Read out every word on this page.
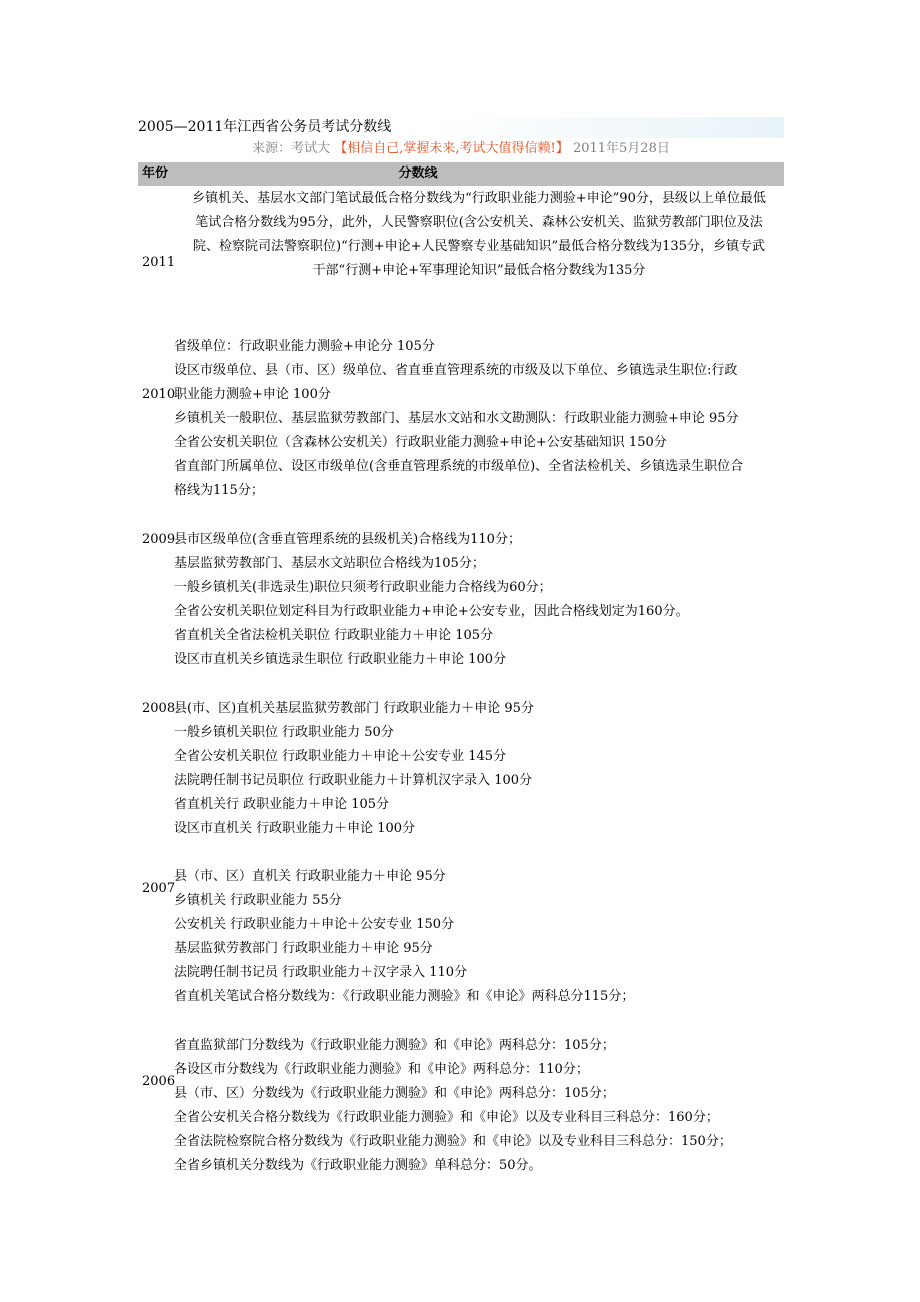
2005—2011年江西省公务员考试分数线
来源：考试大 【相信自己,掌握未来,考试大值得信赖!】 2011年5月28日
年份	分数线
2011

乡镇机关、基层水文部门笔试最低合格分数线为“行政职业能力测验+申论”90分，县级以上单位最低

笔试合格分数线为95分，此外，人民警察职位(含公安机关、森林公安机关、监狱劳教部门职位及法

院、检察院司法警察职位)“行测+申论+人民警察专业基础知识”最低合格分数线为135分，乡镇专武

干部“行测+申论+军事理论知识”最低合格分数线为135分

2010

省级单位：行政职业能力测验+申论分 105分

设区市级单位、县（市、区）级单位、省直垂直管理系统的市级及以下单位、乡镇选录生职位:行政

职业能力测验+申论 100分

乡镇机关一般职位、基层监狱劳教部门、基层水文站和水文勘测队：行政职业能力测验+申论 95分

全省公安机关职位（含森林公安机关）行政职业能力测验+申论+公安基础知识 150分

省直部门所属单位、设区市级单位(含垂直管理系统的市级单位)、全省法检机关、乡镇选录生职位合

格线为115分；

2009

县市区级单位(含垂直管理系统的县级机关)合格线为110分；

基层监狱劳教部门、基层水文站职位合格线为105分；

一般乡镇机关(非选录生)职位只须考行政职业能力合格线为60分；

全省公安机关职位划定科目为行政职业能力+申论+公安专业，因此合格线划定为160分。

省直机关全省法检机关职位 行政职业能力＋申论 105分

设区市直机关乡镇选录生职位 行政职业能力＋申论 100分

2008

县(市、区)直机关基层监狱劳教部门 行政职业能力＋申论 95分

一般乡镇机关职位 行政职业能力 50分

全省公安机关职位 行政职业能力＋申论＋公安专业 145分

法院聘任制书记员职位 行政职业能力＋计算机汉字录入 100分

省直机关行 政职业能力＋申论 105分

设区市直机关 行政职业能力＋申论 100分

2007

县（市、区）直机关 行政职业能力＋申论 95分

乡镇机关 行政职业能力 55分

公安机关 行政职业能力＋申论＋公安专业 150分

基层监狱劳教部门 行政职业能力＋申论 95分

法院聘任制书记员 行政职业能力＋汉字录入 110分

省直机关笔试合格分数线为：《行政职业能力测验》和《申论》两科总分115分；

2006

省直监狱部门分数线为《行政职业能力测验》和《申论》两科总分：105分；

各设区市分数线为《行政职业能力测验》和《申论》两科总分：110分；

县（市、区）分数线为《行政职业能力测验》和《申论》两科总分：105分；

全省公安机关合格分数线为《行政职业能力测验》和《申论》以及专业科目三科总分：160分；

全省法院检察院合格分数线为《行政职业能力测验》和《申论》以及专业科目三科总分：150分；

全省乡镇机关分数线为《行政职业能力测验》单科总分：50分。
